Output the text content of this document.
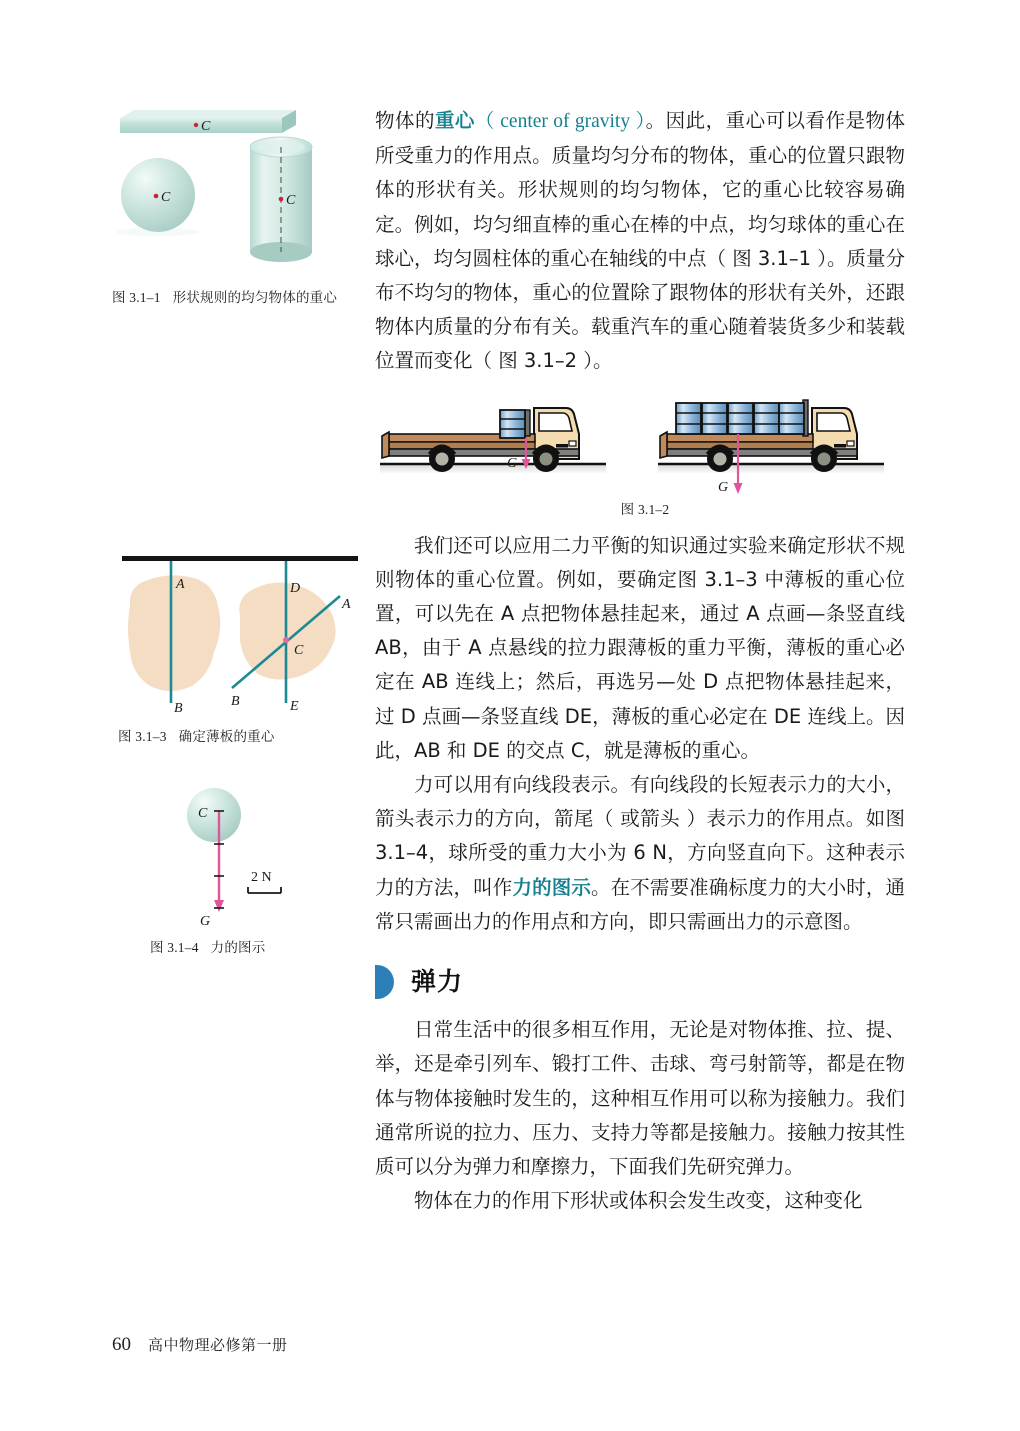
C
C	C
图 3.1–1 形状规则的均匀物体的重心
G
G
图 3.1–2
A
B
D
E
A
B
C
图 3.1–3 确定薄板的重心
C
G
2 N
图 3.1–4 力的图示

物体的重心（ center of gravity ）。因此，重心可以看作是物体所受重力的作用点。质量均匀分布的物体，重心的位置只跟物体的形状有关。形状规则的均匀物体，它的重心比较容易确定。例如，均匀细直棒的重心在棒的中点，均匀球体的重心在球心，均匀圆柱体的重心在轴线的中点（ 图 3.1–1 ）。质量分布不均匀的物体，重心的位置除了跟物体的形状有关外，还跟物体内质量的分布有关。载重汽车的重心随着装货多少和装载位置而变化（ 图 3.1–2 ）。

我们还可以应用二力平衡的知识通过实验来确定形状不规则物体的重心位置。例如，要确定图 3.1–3 中薄板的重心位置，可以先在 A 点把物体悬挂起来，通过 A 点画—条竖直线 AB，由于 A 点悬线的拉力跟薄板的重力平衡，薄板的重心必定在 AB 连线上；然后，再选另—处 D 点把物体悬挂起来，过 D 点画—条竖直线 DE，薄板的重心必定在 DE 连线上。因此，AB 和 DE 的交点 C，就是薄板的重心。

力可以用有向线段表示。有向线段的长短表示力的大小，箭头表示力的方向，箭尾（ 或箭头 ）表示力的作用点。如图 3.1–4，球所受的重力大小为 6 N，方向竖直向下。这种表示力的方法，叫作力的图示。在不需要准确标度力的大小时，通常只需画出力的作用点和方向，即只需画出力的示意图。

弹力

日常生活中的很多相互作用，无论是对物体推、拉、提、举，还是牵引列车、锻打工件、击球、弯弓射箭等，都是在物体与物体接触时发生的，这种相互作用可以称为接触力。我们通常所说的拉力、压力、支持力等都是接触力。接触力按其性质可以分为弹力和摩擦力，下面我们先研究弹力。

物体在力的作用下形状或体积会发生改变，这种变化

60 高中物理必修第一册
